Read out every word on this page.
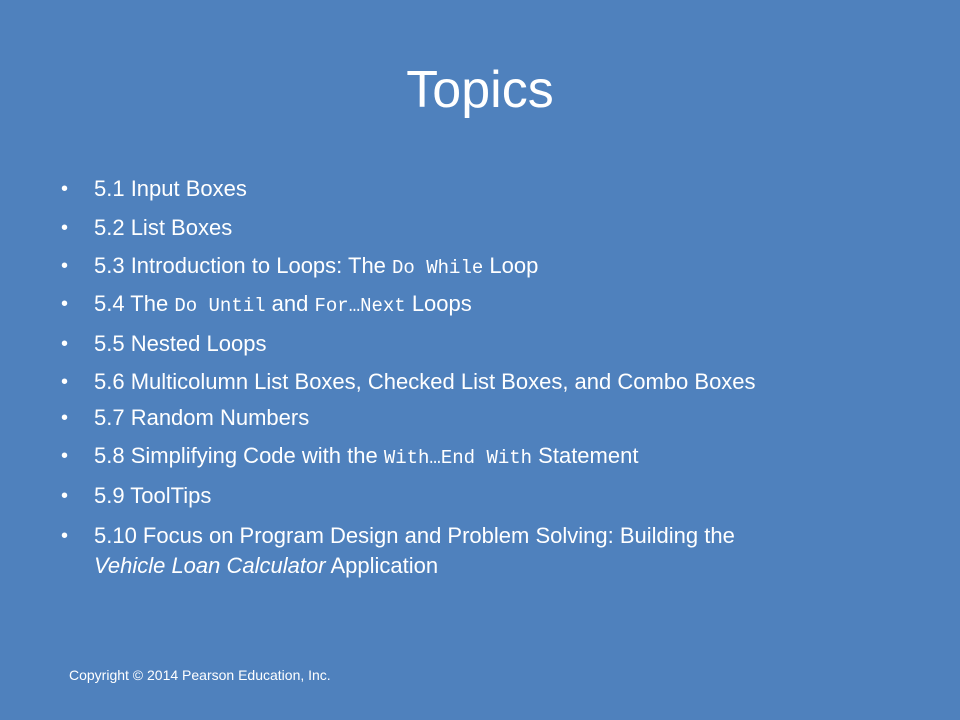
Topics
• 5.1 Input Boxes
• 5.2 List Boxes
• 5.3 Introduction to Loops: The Do While Loop
• 5.4 The Do Until and For…Next Loops
• 5.5 Nested Loops
• 5.6 Multicolumn List Boxes, Checked List Boxes, and Combo Boxes
• 5.7 Random Numbers
• 5.8 Simplifying Code with the With…End With Statement
• 5.9 ToolTips
• 5.10 Focus on Program Design and Problem Solving: Building the
Vehicle Loan Calculator Application
Copyright © 2014 Pearson Education, Inc.
